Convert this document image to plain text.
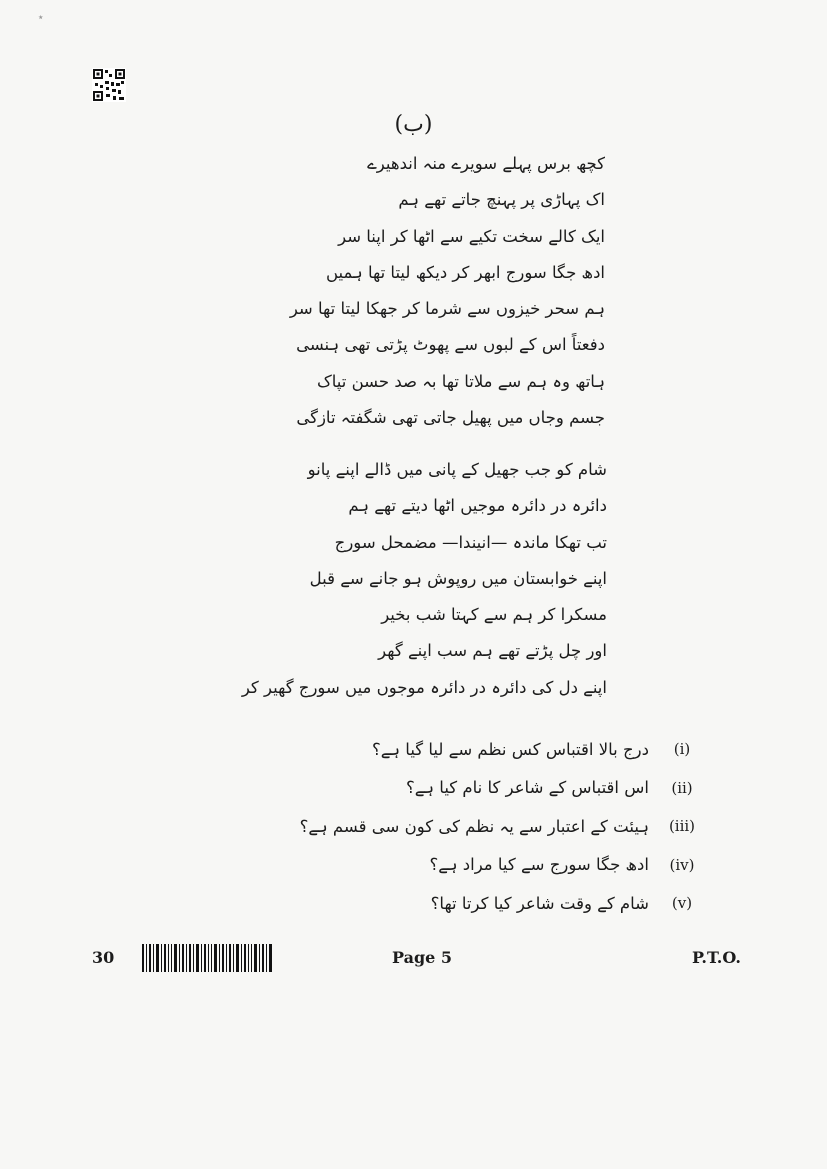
٭
(ب)
کچھ برس پہلے سویرے منہ اندھیرے
اک پہاڑی پر پہنچ جاتے تھے ہم
ایک کالے سخت تکیے سے اٹھا کر اپنا سر
ادھ جگا سورج ابھر کر دیکھ لیتا تھا ہمیں
ہم سحر خیزوں سے شرما کر جھکا لیتا تھا سر
دفعتاً اس کے لبوں سے پھوٹ پڑتی تھی ہنسی
ہاتھ وہ ہم سے ملاتا تھا بہ صد حسن تپاک
جسم وجاں میں پھیل جاتی تھی شگفتہ تازگی
شام کو جب جھیل کے پانی میں ڈالے اپنے پانو
دائرہ در دائرہ موجیں اٹھا دیتے تھے ہم
تب تھکا ماندہ —انیندا— مضمحل سورج
اپنے خوابستان میں روپوش ہو جانے سے قبل
مسکرا کر ہم سے کہتا شب بخیر
اور چل پڑتے تھے ہم سب اپنے گھر
اپنے دل کی دائرہ در دائرہ موجوں میں سورج گھیر کر
(i)
درج بالا اقتباس کس نظم سے لیا گیا ہے؟
(ii)
اس اقتباس کے شاعر کا نام کیا ہے؟
(iii)
ہیئت کے اعتبار سے یہ نظم کی کون سی قسم ہے؟
(iv)
ادھ جگا سورج سے کیا مراد ہے؟
(v)
شام کے وقت شاعر کیا کرتا تھا؟
30	Page 5	P.T.O.
